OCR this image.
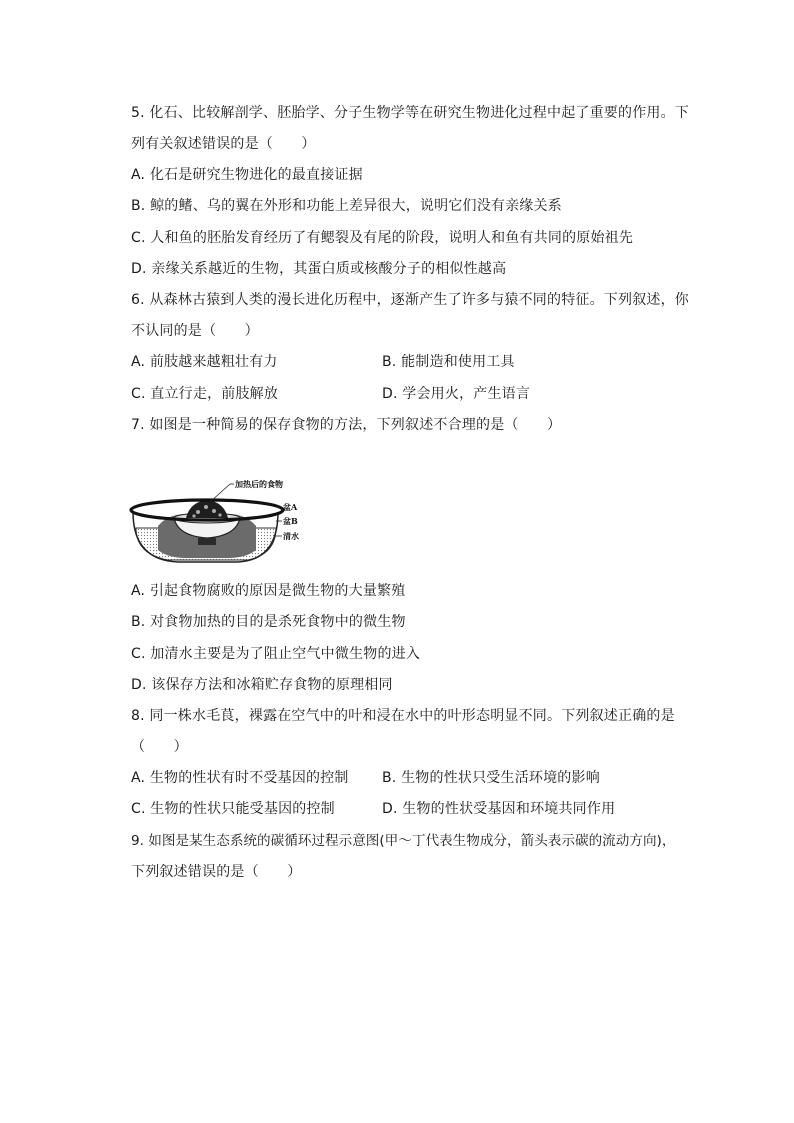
5. 化石、比较解剖学、胚胎学、分子生物学等在研究生物进化过程中起了重要的作用。下
列有关叙述错误的是（　　）
A. 化石是研究生物进化的最直接证据
B. 鲸的鳍、乌的翼在外形和功能上差异很大，说明它们没有亲缘关系
C. 人和鱼的胚胎发育经历了有鳃裂及有尾的阶段，说明人和鱼有共同的原始祖先
D. 亲缘关系越近的生物，其蛋白质或核酸分子的相似性越高
6. 从森林古猿到人类的漫长进化历程中，逐渐产生了许多与猿不同的特征。下列叙述，你
不认同的是（　　）
A. 前肢越来越粗壮有力	B. 能制造和使用工具
C. 直立行走，前肢解放	D. 学会用火，产生语言
7. 如图是一种简易的保存食物的方法，下列叙述不合理的是（　　）
加热后的食物
盆A
盆B
清水
A. 引起食物腐败的原因是微生物的大量繁殖
B. 对食物加热的目的是杀死食物中的微生物
C. 加清水主要是为了阻止空气中微生物的进入
D. 该保存方法和冰箱贮存食物的原理相同
8. 同一株水毛茛，裸露在空气中的叶和浸在水中的叶形态明显不同。下列叙述正确的是
（　　）
A. 生物的性状有时不受基因的控制 B. 生物的性状只受生活环境的影响
C. 生物的性状只能受基因的控制	D. 生物的性状受基因和环境共同作用
9. 如图是某生态系统的碳循环过程示意图(甲～丁代表生物成分，箭头表示碳的流动方向)，
下列叙述错误的是（　　）
